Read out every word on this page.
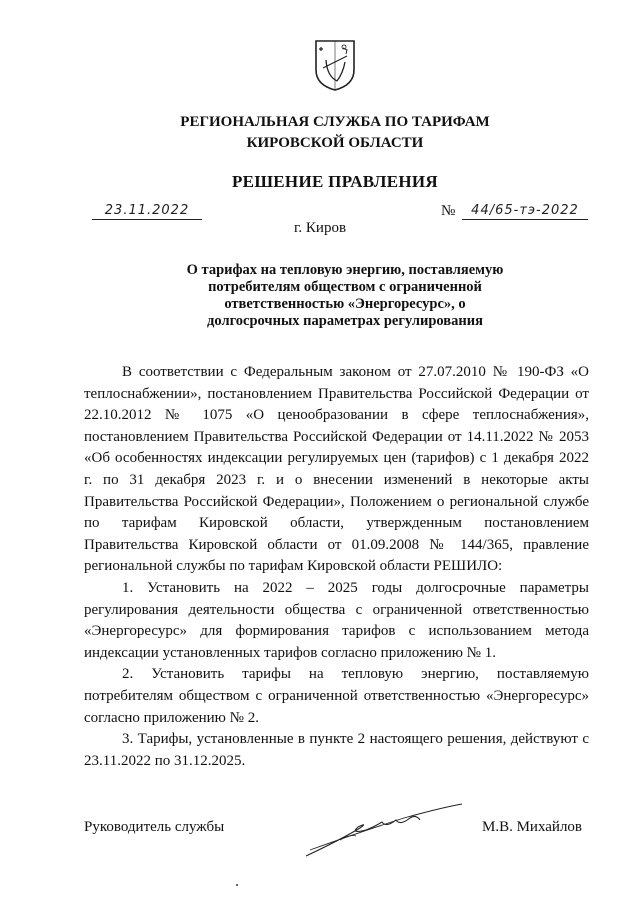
РЕГИОНАЛЬНАЯ СЛУЖБА ПО ТАРИФАМ
КИРОВСКОЙ ОБЛАСТИ
РЕШЕНИЕ ПРАВЛЕНИЯ
23.11.2022	№	44/65-тэ-2022
г. Киров
О тарифах на тепловую энергию, поставляемую
потребителям обществом с ограниченной
ответственностью «Энергоресурс», о
долгосрочных параметрах регулирования

В соответствии с Федеральным законом от 27.07.2010 № 190-ФЗ «О теплоснабжении», постановлением Правительства Российской Федерации от 22.10.2012 № 1075 «О ценообразовании в сфере теплоснабжения», постановлением Правительства Российской Федерации от 14.11.2022 № 2053 «Об особенностях индексации регулируемых цен (тарифов) с 1 декабря 2022 г. по 31 декабря 2023 г. и о внесении изменений в некоторые акты Правительства Российской Федерации», Положением о региональной службе по тарифам Кировской области, утвержденным постановлением Правительства Кировской области от 01.09.2008 № 144/365, правление региональной службы по тарифам Кировской области РЕШИЛО:

1. Установить на 2022 – 2025 годы долгосрочные параметры регулирования деятельности общества с ограниченной ответственностью «Энергоресурс» для формирования тарифов с использованием метода индексации установленных тарифов согласно приложению № 1.

2. Установить тарифы на тепловую энергию, поставляемую потребителям обществом с ограниченной ответственностью «Энергоресурс» согласно приложению № 2.

3. Тарифы, установленные в пункте 2 настоящего решения, действуют с 23.11.2022 по 31.12.2025.

Руководитель службы	М.В. Михайлов
